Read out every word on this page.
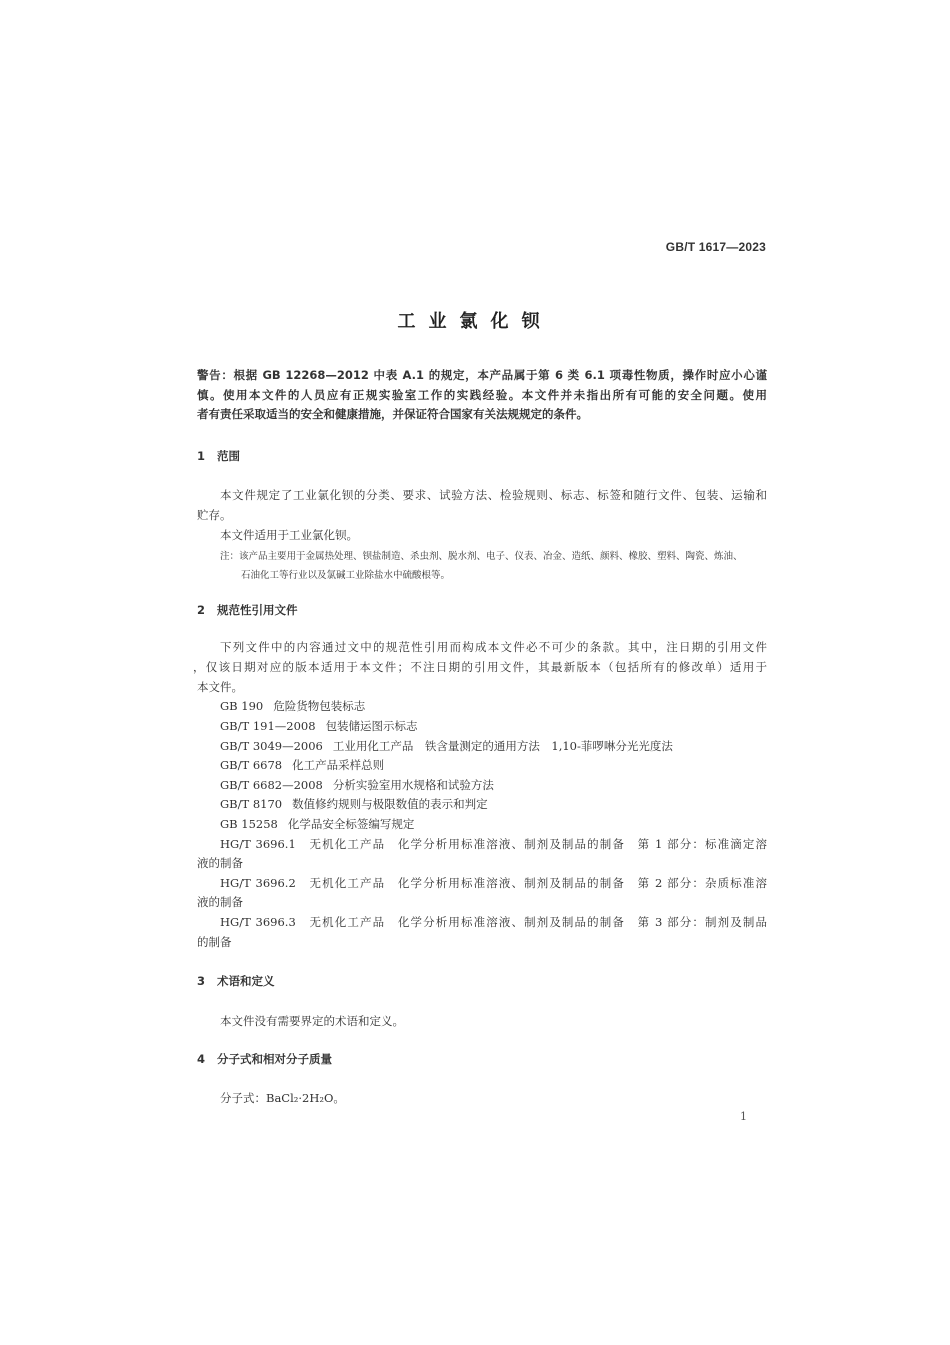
GB/T 1617—2023
工业氯化钡
警告：根据 GB 12268—2012 中表 A.1 的规定，本产品属于第 6 类 6.1 项毒性物质，操作时应小心谨
慎。使用本文件的人员应有正规实验室工作的实践经验。本文件并未指出所有可能的安全问题。使用
者有责任采取适当的安全和健康措施，并保证符合国家有关法规规定的条件。
1 范围
本文件规定了工业氯化钡的分类、要求、试验方法、检验规则、标志、标签和随行文件、包装、运输和
贮存。
本文件适用于工业氯化钡。
注：该产品主要用于金属热处理、钡盐制造、杀虫剂、脱水剂、电子、仪表、冶金、造纸、颜料、橡胶、塑料、陶瓷、炼油、
石油化工等行业以及氯碱工业除盐水中硫酸根等。
2 规范性引用文件
下列文件中的内容通过文中的规范性引用而构成本文件必不可少的条款。其中，注日期的引用文件
，仅该日期对应的版本适用于本文件；不注日期的引用文件，其最新版本（包括所有的修改单）适用于
本文件。
GB 190 危险货物包装标志
GB/T 191—2008 包装储运图示标志
GB/T 3049—2006 工业用化工产品　铁含量测定的通用方法　1,10-菲啰啉分光光度法
GB/T 6678 化工产品采样总则
GB/T 6682—2008 分析实验室用水规格和试验方法
GB/T 8170 数值修约规则与极限数值的表示和判定
GB 15258 化学品安全标签编写规定
HG/T 3696.1　无机化工产品　化学分析用标准溶液、制剂及制品的制备　第 1 部分：标准滴定溶
液的制备
HG/T 3696.2　无机化工产品　化学分析用标准溶液、制剂及制品的制备　第 2 部分：杂质标准溶
液的制备
HG/T 3696.3　无机化工产品　化学分析用标准溶液、制剂及制品的制备　第 3 部分：制剂及制品
的制备
3 术语和定义
本文件没有需要界定的术语和定义。
4 分子式和相对分子质量
分子式：BaCl₂·2H₂O。
1
